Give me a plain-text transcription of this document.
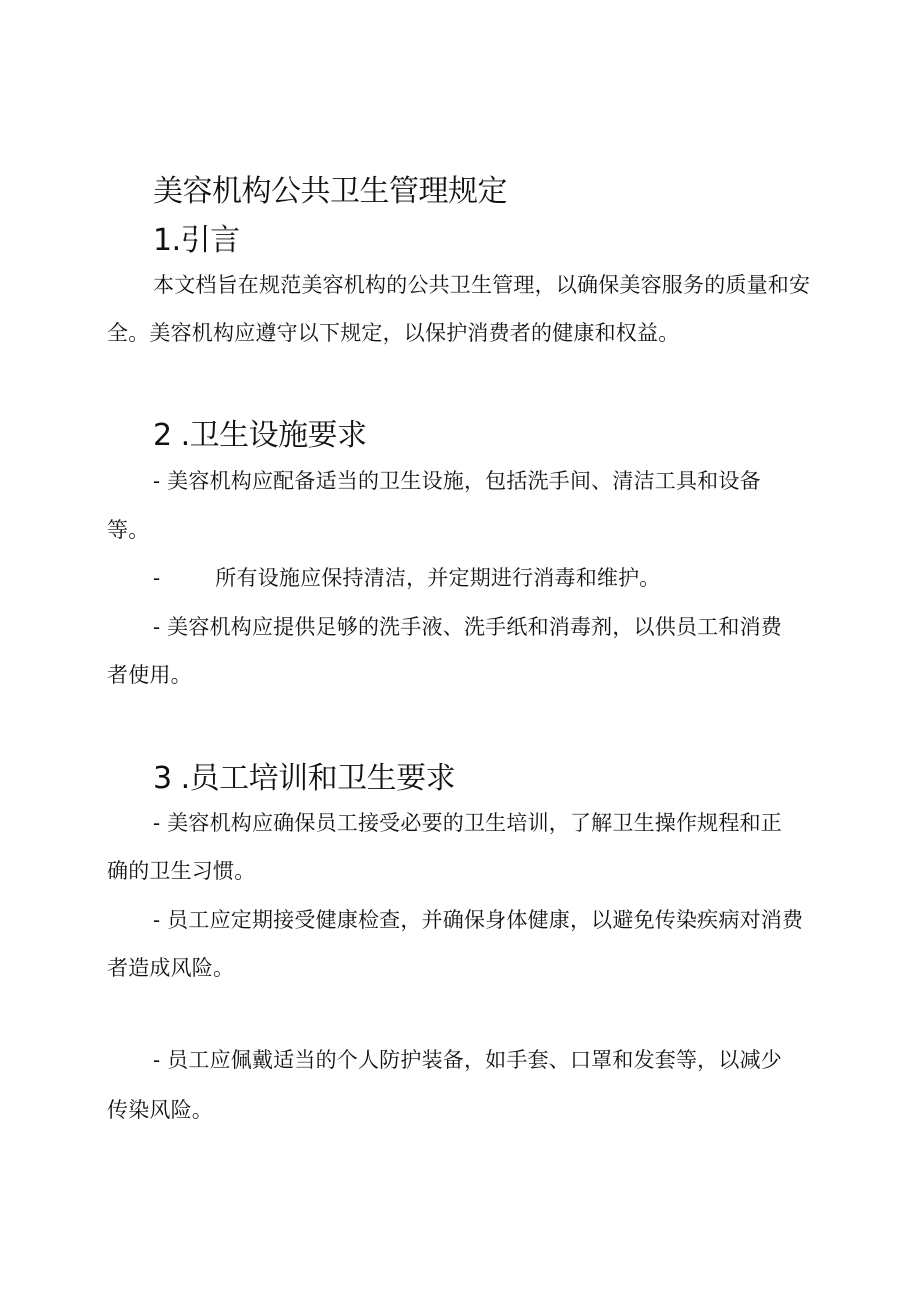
美容机构公共卫生管理规定
1.引言
本文档旨在规范美容机构的公共卫生管理，以确保美容服务的质量和安
全。美容机构应遵守以下规定，以保护消费者的健康和权益。
2 .卫生设施要求
- 美容机构应配备适当的卫生设施，包括洗手间、清洁工具和设备
等。
-        所有设施应保持清洁，并定期进行消毒和维护。
- 美容机构应提供足够的洗手液、洗手纸和消毒剂，以供员工和消费
者使用。
3 .员工培训和卫生要求
- 美容机构应确保员工接受必要的卫生培训，了解卫生操作规程和正
确的卫生习惯。
- 员工应定期接受健康检查，并确保身体健康，以避免传染疾病对消费
者造成风险。
- 员工应佩戴适当的个人防护装备，如手套、口罩和发套等，以减少
传染风险。
